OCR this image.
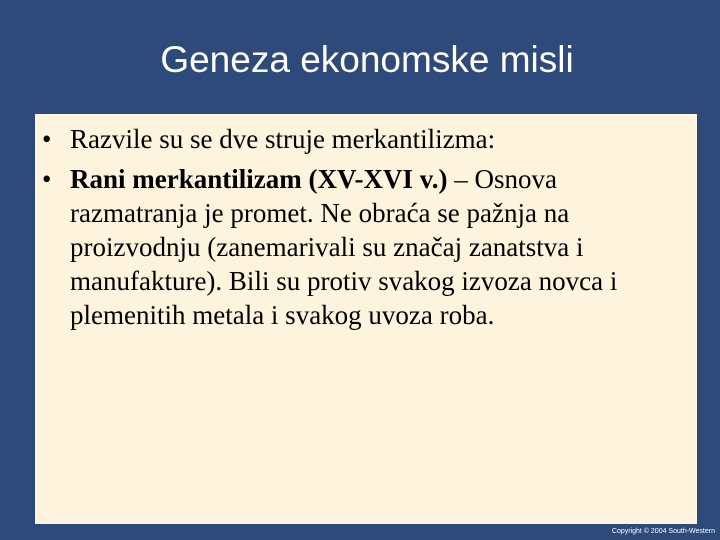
Geneza ekonomske misli
• Razvile su se dve struje merkantilizma:
• Rani merkantilizam (XV-XVI v.) – Osnova razmatranja je promet. Ne obraća se pažnja na proizvodnju (zanemarivali su značaj zanatstva i manufakture). Bili su protiv svakog izvoza novca i plemenitih metala i svakog uvoza roba.
Copyright © 2004 South-Western
